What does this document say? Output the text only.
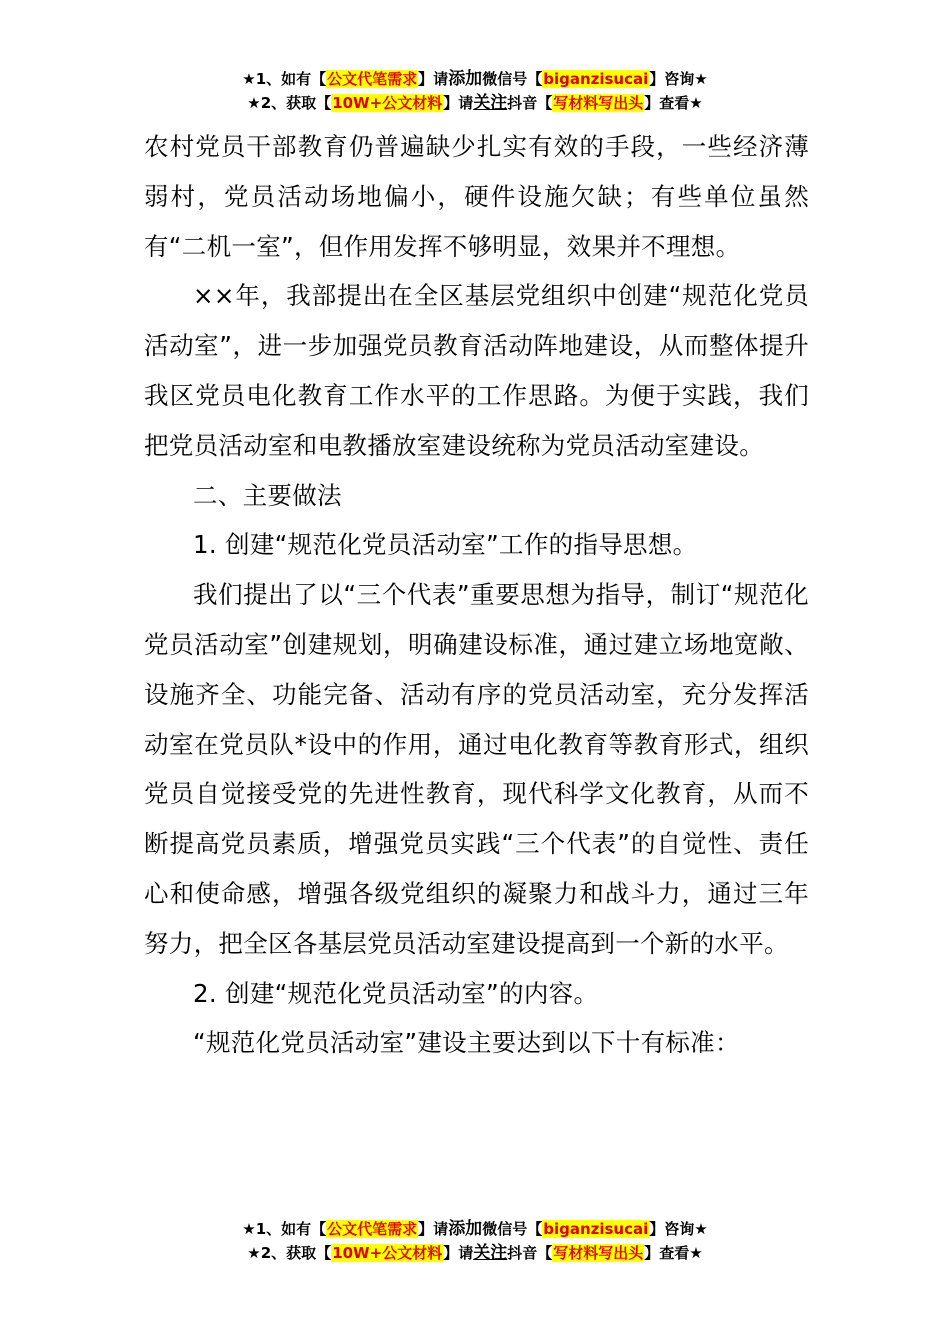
★1、如有【公文代笔需求】请添加微信号【biganzisucai】咨询★
★2、获取【10W+公文材料】请关注抖音【写材料写出头】查看★

农村党员干部教育仍普遍缺少扎实有效的手段，一些经济薄弱村，党员活动场地偏小，硬件设施欠缺；有些单位虽然有“二机一室”，但作用发挥不够明显，效果并不理想。

××年，我部提出在全区基层党组织中创建“规范化党员活动室”，进一步加强党员教育活动阵地建设，从而整体提升我区党员电化教育工作水平的工作思路。为便于实践，我们把党员活动室和电教播放室建设统称为党员活动室建设。

二、主要做法

1. 创建“规范化党员活动室”工作的指导思想。

我们提出了以“三个代表”重要思想为指导，制订“规范化党员活动室”创建规划，明确建设标准，通过建立场地宽敞、设施齐全、功能完备、活动有序的党员活动室，充分发挥活动室在党员队*设中的作用，通过电化教育等教育形式，组织党员自觉接受党的先进性教育，现代科学文化教育，从而不断提高党员素质，增强党员实践“三个代表”的自觉性、责任心和使命感，增强各级党组织的凝聚力和战斗力，通过三年努力，把全区各基层党员活动室建设提高到一个新的水平。

2. 创建“规范化党员活动室”的内容。

“规范化党员活动室”建设主要达到以下十有标准：

★1、如有【公文代笔需求】请添加微信号【biganzisucai】咨询★
★2、获取【10W+公文材料】请关注抖音【写材料写出头】查看★
